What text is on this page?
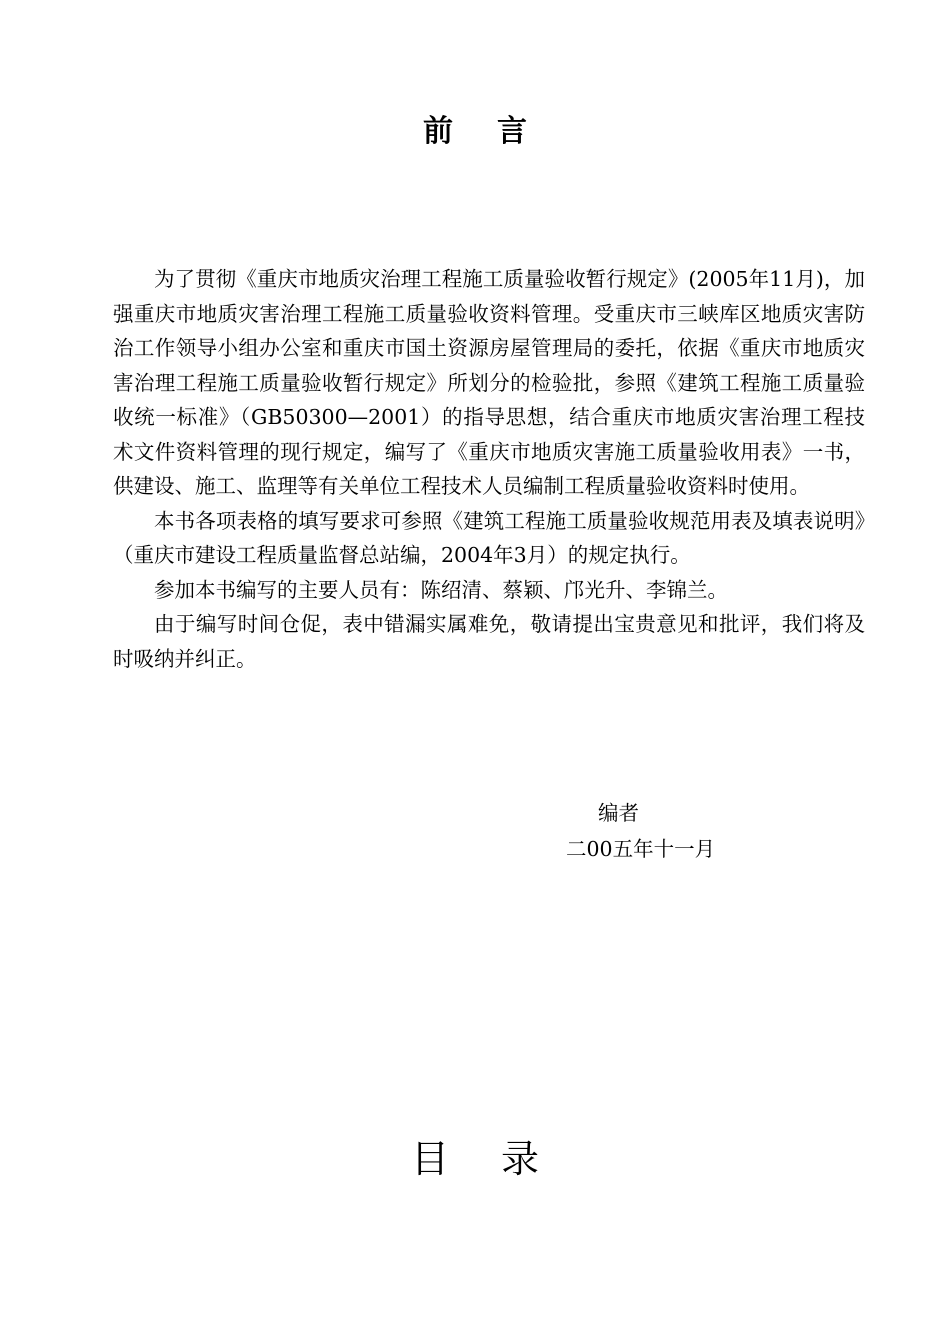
前言

为了贯彻《重庆市地质灾治理工程施工质量验收暂行规定》(2005年11月)，加强重庆市地质灾害治理工程施工质量验收资料管理。受重庆市三峡库区地质灾害防治工作领导小组办公室和重庆市国土资源房屋管理局的委托，依据《重庆市地质灾害治理工程施工质量验收暂行规定》所划分的检验批，参照《建筑工程施工质量验收统一标准》（GB50300—2001）的指导思想，结合重庆市地质灾害治理工程技术文件资料管理的现行规定，编写了《重庆市地质灾害施工质量验收用表》一书，供建设、施工、监理等有关单位工程技术人员编制工程质量验收资料时使用。

本书各项表格的填写要求可参照《建筑工程施工质量验收规范用表及填表说明》（重庆市建设工程质量监督总站编，2004年3月）的规定执行。

参加本书编写的主要人员有：陈绍清、蔡颖、邝光升、李锦兰。

由于编写时间仓促，表中错漏实属难免，敬请提出宝贵意见和批评，我们将及时吸纳并纠正。

编者
二00五年十一月
目录
